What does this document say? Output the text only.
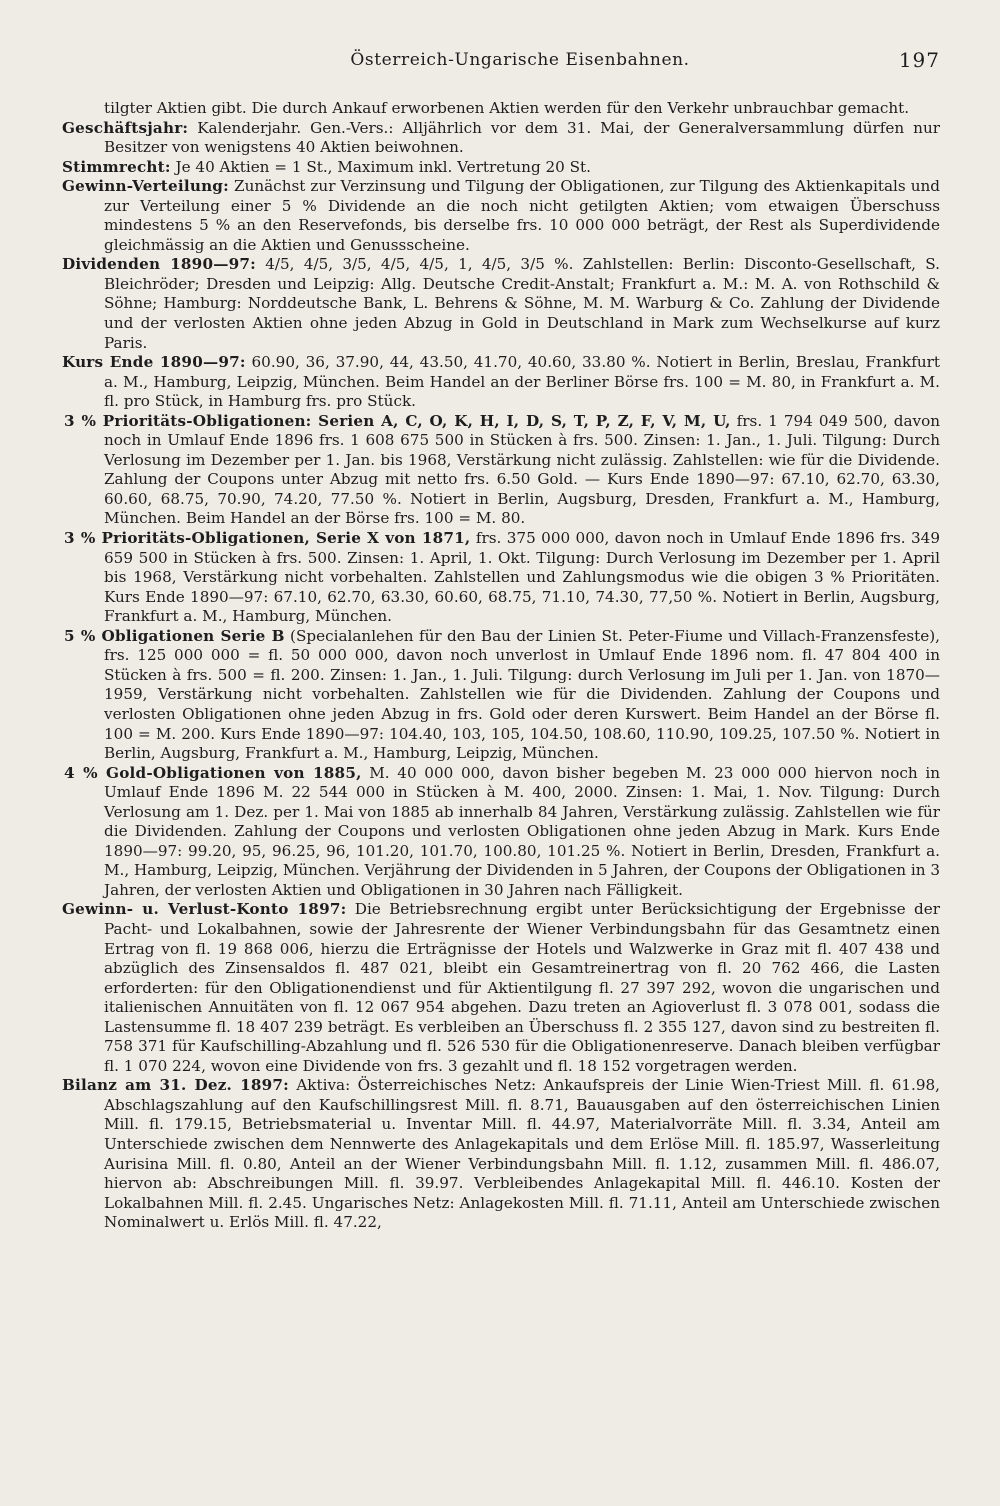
Österreich-Ungarische Eisenbahnen.	197

tilgter Aktien gibt. Die durch Ankauf erworbenen Aktien werden für den Verkehr unbrauchbar gemacht.

Geschäftsjahr: Kalenderjahr. Gen.-Vers.: Alljährlich vor dem 31. Mai, der Generalversammlung dürfen nur Besitzer von wenigstens 40 Aktien beiwohnen.

Stimmrecht: Je 40 Aktien = 1 St., Maximum inkl. Vertretung 20 St.

Gewinn-Verteilung: Zunächst zur Verzinsung und Tilgung der Obligationen, zur Tilgung des Aktienkapitals und zur Verteilung einer 5 % Dividende an die noch nicht getilgten Aktien; vom etwaigen Überschuss mindestens 5 % an den Reservefonds, bis derselbe frs. 10 000 000 beträgt, der Rest als Superdividende gleichmässig an die Aktien und Genussscheine.

Dividenden 1890—97: 4/5, 4/5, 3/5, 4/5, 4/5, 1, 4/5, 3/5 %. Zahlstellen: Berlin: Disconto-Gesellschaft, S. Bleichröder; Dresden und Leipzig: Allg. Deutsche Credit-Anstalt; Frankfurt a. M.: M. A. von Rothschild & Söhne; Hamburg: Norddeutsche Bank, L. Behrens & Söhne, M. M. Warburg & Co. Zahlung der Dividende und der verlosten Aktien ohne jeden Abzug in Gold in Deutschland in Mark zum Wechselkurse auf kurz Paris.

Kurs Ende 1890—97: 60.90, 36, 37.90, 44, 43.50, 41.70, 40.60, 33.80 %. Notiert in Berlin, Breslau, Frankfurt a. M., Hamburg, Leipzig, München. Beim Handel an der Berliner Börse frs. 100 = M. 80, in Frankfurt a. M. fl. pro Stück, in Hamburg frs. pro Stück.

3 % Prioritäts-Obligationen: Serien A, C, O, K, H, I, D, S, T, P, Z, F, V, M, U, frs. 1 794 049 500, davon noch in Umlauf Ende 1896 frs. 1 608 675 500 in Stücken à frs. 500. Zinsen: 1. Jan., 1. Juli. Tilgung: Durch Verlosung im Dezember per 1. Jan. bis 1968, Verstärkung nicht zulässig. Zahlstellen: wie für die Dividende. Zahlung der Coupons unter Abzug mit netto frs. 6.50 Gold. — Kurs Ende 1890—97: 67.10, 62.70, 63.30, 60.60, 68.75, 70.90, 74.20, 77.50 %. Notiert in Berlin, Augsburg, Dresden, Frankfurt a. M., Hamburg, München. Beim Handel an der Börse frs. 100 = M. 80.

3 % Prioritäts-Obligationen, Serie X von 1871, frs. 375 000 000, davon noch in Umlauf Ende 1896 frs. 349 659 500 in Stücken à frs. 500. Zinsen: 1. April, 1. Okt. Tilgung: Durch Verlosung im Dezember per 1. April bis 1968, Verstärkung nicht vorbehalten. Zahlstellen und Zahlungsmodus wie die obigen 3 % Prioritäten. Kurs Ende 1890—97: 67.10, 62.70, 63.30, 60.60, 68.75, 71.10, 74.30, 77,50 %. Notiert in Berlin, Augsburg, Frankfurt a. M., Hamburg, München.

5 % Obligationen Serie B (Specialanlehen für den Bau der Linien St. Peter-Fiume und Villach-Franzensfeste), frs. 125 000 000 = fl. 50 000 000, davon noch unverlost in Umlauf Ende 1896 nom. fl. 47 804 400 in Stücken à frs. 500 = fl. 200. Zinsen: 1. Jan., 1. Juli. Tilgung: durch Verlosung im Juli per 1. Jan. von 1870—1959, Verstärkung nicht vorbehalten. Zahlstellen wie für die Dividenden. Zahlung der Coupons und verlosten Obligationen ohne jeden Abzug in frs. Gold oder deren Kurswert. Beim Handel an der Börse fl. 100 = M. 200. Kurs Ende 1890—97: 104.40, 103, 105, 104.50, 108.60, 110.90, 109.25, 107.50 %. Notiert in Berlin, Augsburg, Frankfurt a. M., Hamburg, Leipzig, München.

4 % Gold-Obligationen von 1885, M. 40 000 000, davon bisher begeben M. 23 000 000 hiervon noch in Umlauf Ende 1896 M. 22 544 000 in Stücken à M. 400, 2000. Zinsen: 1. Mai, 1. Nov. Tilgung: Durch Verlosung am 1. Dez. per 1. Mai von 1885 ab innerhalb 84 Jahren, Verstärkung zulässig. Zahlstellen wie für die Dividenden. Zahlung der Coupons und verlosten Obligationen ohne jeden Abzug in Mark. Kurs Ende 1890—97: 99.20, 95, 96.25, 96, 101.20, 101.70, 100.80, 101.25 %. Notiert in Berlin, Dresden, Frankfurt a. M., Hamburg, Leipzig, München. Verjährung der Dividenden in 5 Jahren, der Coupons der Obligationen in 3 Jahren, der verlosten Aktien und Obligationen in 30 Jahren nach Fälligkeit.

Gewinn- u. Verlust-Konto 1897: Die Betriebsrechnung ergibt unter Berücksichtigung der Ergebnisse der Pacht- und Lokalbahnen, sowie der Jahresrente der Wiener Verbindungsbahn für das Gesamtnetz einen Ertrag von fl. 19 868 006, hierzu die Erträgnisse der Hotels und Walzwerke in Graz mit fl. 407 438 und abzüglich des Zinsensaldos fl. 487 021, bleibt ein Gesamtreinertrag von fl. 20 762 466, die Lasten erforderten: für den Obligationendienst und für Aktientilgung fl. 27 397 292, wovon die ungarischen und italienischen Annuitäten von fl. 12 067 954 abgehen. Dazu treten an Agioverlust fl. 3 078 001, sodass die Lastensumme fl. 18 407 239 beträgt. Es verbleiben an Überschuss fl. 2 355 127, davon sind zu bestreiten fl. 758 371 für Kaufschilling-Abzahlung und fl. 526 530 für die Obligationenreserve. Danach bleiben verfügbar fl. 1 070 224, wovon eine Dividende von frs. 3 gezahlt und fl. 18 152 vorgetragen werden.

Bilanz am 31. Dez. 1897: Aktiva: Österreichisches Netz: Ankaufspreis der Linie Wien-Triest Mill. fl. 61.98, Abschlagszahlung auf den Kaufschillingsrest Mill. fl. 8.71, Bauausgaben auf den österreichischen Linien Mill. fl. 179.15, Betriebsmaterial u. Inventar Mill. fl. 44.97, Materialvorräte Mill. fl. 3.34, Anteil am Unterschiede zwischen dem Nennwerte des Anlagekapitals und dem Erlöse Mill. fl. 185.97, Wasserleitung Aurisina Mill. fl. 0.80, Anteil an der Wiener Verbindungsbahn Mill. fl. 1.12, zusammen Mill. fl. 486.07, hiervon ab: Abschreibungen Mill. fl. 39.97. Verbleibendes Anlagekapital Mill. fl. 446.10. Kosten der Lokalbahnen Mill. fl. 2.45. Ungarisches Netz: Anlagekosten Mill. fl. 71.11, Anteil am Unterschiede zwischen Nominalwert u. Erlös Mill. fl. 47.22,
